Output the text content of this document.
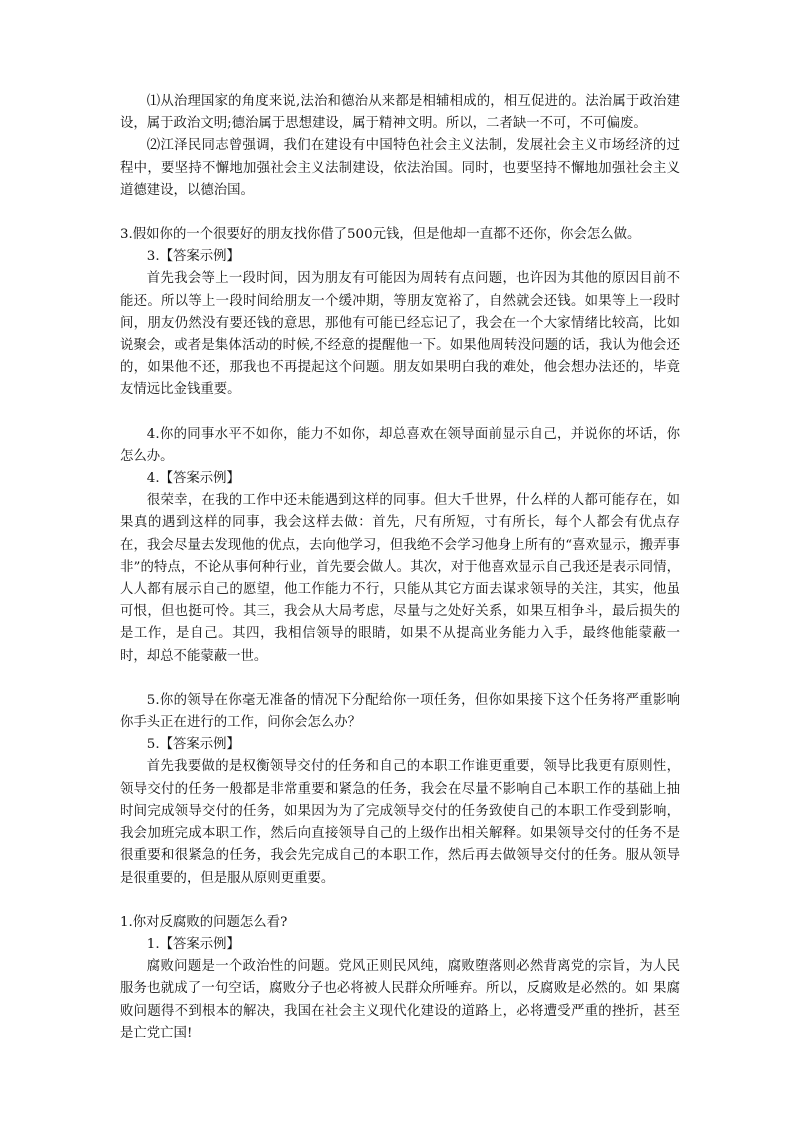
⑴从治理国家的角度来说,法治和德治从来都是相辅相成的，相互促进的。法治属于政治建设，属于政治文明;德治属于思想建设，属于精神文明。所以，二者缺一不可，不可偏废。

⑵江泽民同志曾强调，我们在建设有中国特色社会主义法制，发展社会主义市场经济的过程中，要坚持不懈地加强社会主义法制建设，依法治国。同时，也要坚持不懈地加强社会主义道德建设，以德治国。

3.假如你的一个很要好的朋友找你借了500元钱，但是他却一直都不还你，你会怎么做。

3.【答案示例】

首先我会等上一段时间，因为朋友有可能因为周转有点问题，也许因为其他的原因目前不能还。所以等上一段时间给朋友一个缓冲期，等朋友宽裕了，自然就会还钱。如果等上一段时间，朋友仍然没有要还钱的意思，那他有可能已经忘记了，我会在一个大家情绪比较高，比如说聚会，或者是集体活动的时候,不经意的提醒他一下。如果他周转没问题的话，我认为他会还的，如果他不还，那我也不再提起这个问题。朋友如果明白我的难处，他会想办法还的，毕竟友情远比金钱重要。

4.你的同事水平不如你，能力不如你，却总喜欢在领导面前显示自己，并说你的坏话，你怎么办。

4.【答案示例】

很荣幸，在我的工作中还未能遇到这样的同事。但大千世界，什么样的人都可能存在，如果真的遇到这样的同事，我会这样去做：首先，尺有所短，寸有所长，每个人都会有优点存在，我会尽量去发现他的优点，去向他学习，但我绝不会学习他身上所有的“喜欢显示，搬弄事非”的特点，不论从事何种行业，首先要会做人。其次，对于他喜欢显示自己我还是表示同情，人人都有展示自己的愿望，他工作能力不行，只能从其它方面去谋求领导的关注，其实，他虽可恨，但也挺可怜。其三，我会从大局考虑，尽量与之处好关系，如果互相争斗，最后损失的是工作，是自己。其四，我相信领导的眼睛，如果不从提高业务能力入手，最终他能蒙蔽一时，却总不能蒙蔽一世。

5.你的领导在你毫无准备的情况下分配给你一项任务，但你如果接下这个任务将严重影响你手头正在进行的工作，问你会怎么办？

5.【答案示例】

首先我要做的是权衡领导交付的任务和自己的本职工作谁更重要，领导比我更有原则性，领导交付的任务一般都是非常重要和紧急的任务，我会在尽量不影响自己本职工作的基础上抽时间完成领导交付的任务，如果因为为了完成领导交付的任务致使自己的本职工作受到影响，我会加班完成本职工作，然后向直接领导自己的上级作出相关解释。如果领导交付的任务不是很重要和很紧急的任务，我会先完成自己的本职工作，然后再去做领导交付的任务。服从领导是很重要的，但是服从原则更重要。

1.你对反腐败的问题怎么看?

1.【答案示例】

腐败问题是一个政治性的问题。党风正则民风纯，腐败堕落则必然背离党的宗旨，为人民服务也就成了一句空话，腐败分子也必将被人民群众所唾弃。所以，反腐败是必然的。如 果腐败问题得不到根本的解决，我国在社会主义现代化建设的道路上，必将遭受严重的挫折，甚至是亡党亡国!
